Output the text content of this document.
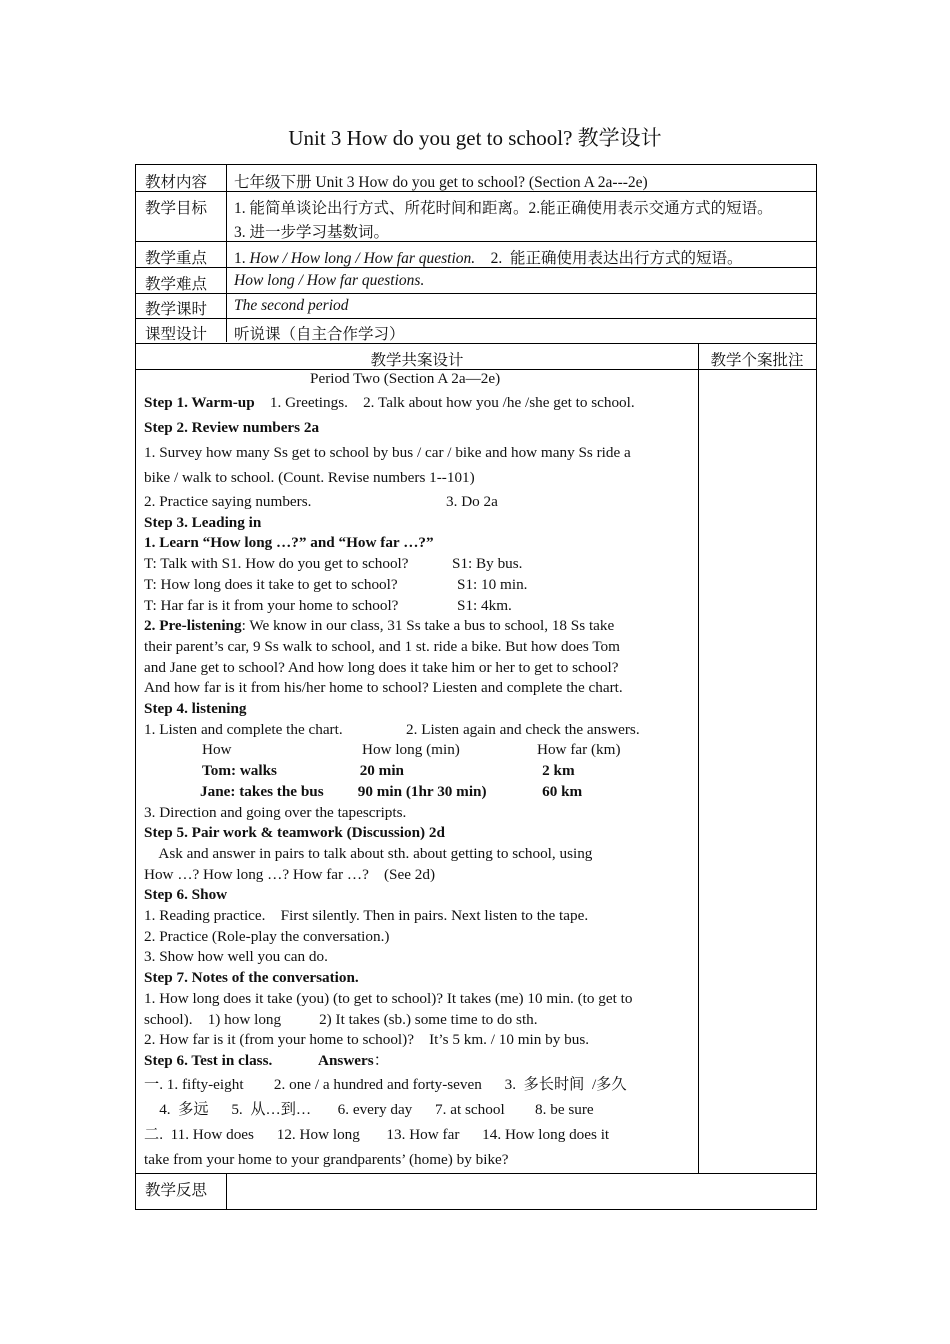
Unit 3 How do you get to school? 教学设计
教材内容 七年级下册 Unit 3 How do you get to school? (Section A 2a---2e)
教学目标 1. 能简单谈论出行方式、所花时间和距离。2.能正确使用表示交通方式的短语。
3. 进一步学习基数词。
教学重点 1. How / How long / How far question.    2.  能正确使用表达出行方式的短语。
教学难点 How long / How far questions.
教学课时 The second period
课型设计 听说课（自主合作学习）
教学共案设计	教学个案批注
Period Two (Section A 2a—2e)
Step 1. Warm-up    1. Greetings.    2. Talk about how you /he /she get to school.
Step 2. Review numbers 2a
1. Survey how many Ss get to school by bus / car / bike and how many Ss ride a
bike / walk to school. (Count. Revise numbers 1--101)
2. Practice saying numbers.	3. Do 2a
Step 3. Leading in
1. Learn “How long …?” and “How far …?”
T: Talk with S1. How do you get to school?	S1: By bus.
T: How long does it take to get to school?	S1: 10 min.
T: Har far is it from your home to school?	S1: 4km.
2. Pre-listening: We know in our class, 31 Ss take a bus to school, 18 Ss take
their parent’s car, 9 Ss walk to school, and 1 st. ride a bike. But how does Tom
and Jane get to school? And how long does it take him or her to get to school?
And how far is it from his/her home to school? Liesten and complete the chart.
Step 4. listening
1. Listen and complete the chart.	2. Listen again and check the answers.
How	How long (min)	How far (km)
Tom: walks	20 min	2 km
Jane: takes the bus	90 min (1hr 30 min)	60 km
3. Direction and going over the tapescripts.
Step 5. Pair work & teamwork (Discussion) 2d
Ask and answer in pairs to talk about sth. about getting to school, using
How …? How long …? How far …?    (See 2d)
Step 6. Show
1. Reading practice.    First silently. Then in pairs. Next listen to the tape.
2. Practice (Role-play the conversation.)
3. Show how well you can do.
Step 7. Notes of the conversation.
1. How long does it take (you) (to get to school)? It takes (me) 10 min. (to get to
school).    1) how long          2) It takes (sb.) some time to do sth.
2. How far is it (from your home to school)?    It’s 5 km. / 10 min by bus.
Step 6. Test in class.	Answers：
一. 1. fifty-eight        2. one / a hundred and forty-seven      3.  多长时间  /多久
4.  多远      5.  从…到…       6. every day      7. at school        8. be sure
二.  11. How does      12. How long       13. How far      14. How long does it
take from your home to your grandparents’ (home) by bike?
教学反思
